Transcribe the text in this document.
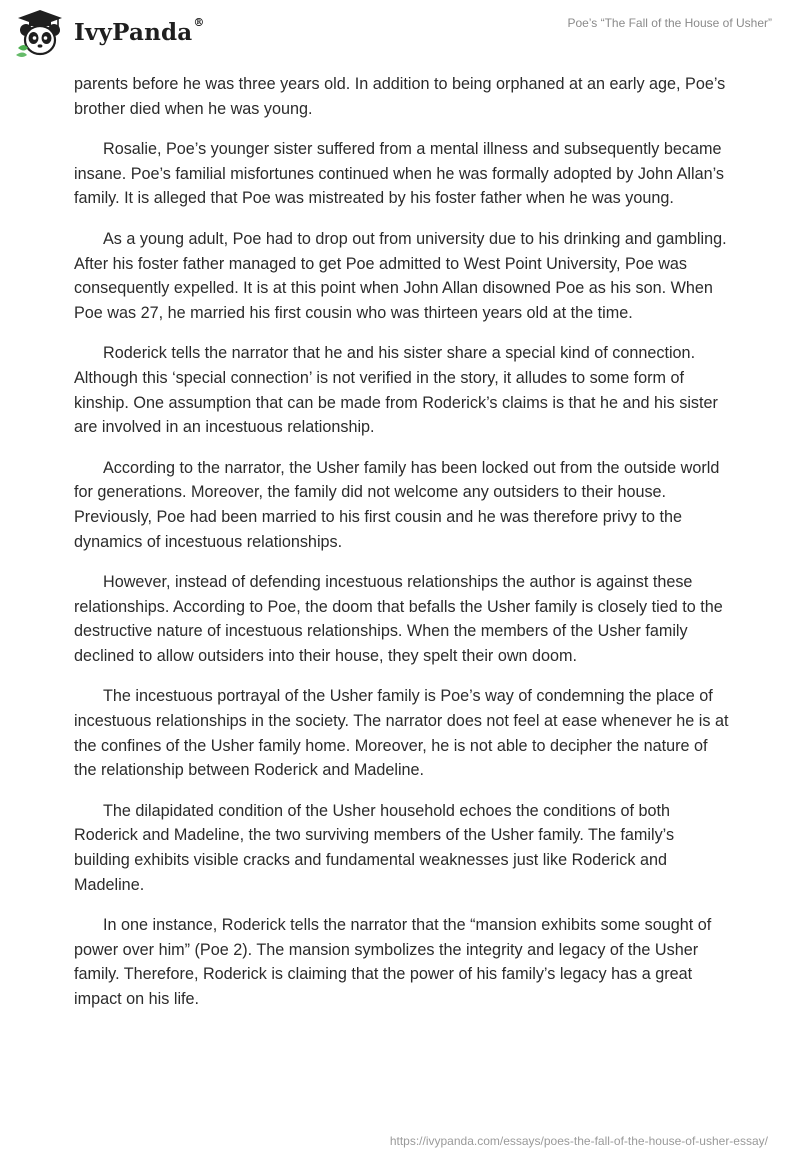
IvyPanda®	Poe’s “The Fall of the House of Usher”

parents before he was three years old. In addition to being orphaned at an early age, Poe’s brother died when he was young.

Rosalie, Poe’s younger sister suffered from a mental illness and subsequently became insane. Poe’s familial misfortunes continued when he was formally adopted by John Allan’s family. It is alleged that Poe was mistreated by his foster father when he was young.

As a young adult, Poe had to drop out from university due to his drinking and gambling. After his foster father managed to get Poe admitted to West Point University, Poe was consequently expelled. It is at this point when John Allan disowned Poe as his son. When Poe was 27, he married his first cousin who was thirteen years old at the time.

Roderick tells the narrator that he and his sister share a special kind of connection. Although this ‘special connection’ is not verified in the story, it alludes to some form of kinship. One assumption that can be made from Roderick’s claims is that he and his sister are involved in an incestuous relationship.

According to the narrator, the Usher family has been locked out from the outside world for generations. Moreover, the family did not welcome any outsiders to their house. Previously, Poe had been married to his first cousin and he was therefore privy to the dynamics of incestuous relationships.

However, instead of defending incestuous relationships the author is against these relationships. According to Poe, the doom that befalls the Usher family is closely tied to the destructive nature of incestuous relationships. When the members of the Usher family declined to allow outsiders into their house, they spelt their own doom.

The incestuous portrayal of the Usher family is Poe’s way of condemning the place of incestuous relationships in the society. The narrator does not feel at ease whenever he is at the confines of the Usher family home. Moreover, he is not able to decipher the nature of the relationship between Roderick and Madeline.

The dilapidated condition of the Usher household echoes the conditions of both Roderick and Madeline, the two surviving members of the Usher family. The family’s building exhibits visible cracks and fundamental weaknesses just like Roderick and Madeline.

In one instance, Roderick tells the narrator that the “mansion exhibits some sought of power over him” (Poe 2). The mansion symbolizes the integrity and legacy of the Usher family. Therefore, Roderick is claiming that the power of his family’s legacy has a great impact on his life.

https://ivypanda.com/essays/poes-the-fall-of-the-house-of-usher-essay/
